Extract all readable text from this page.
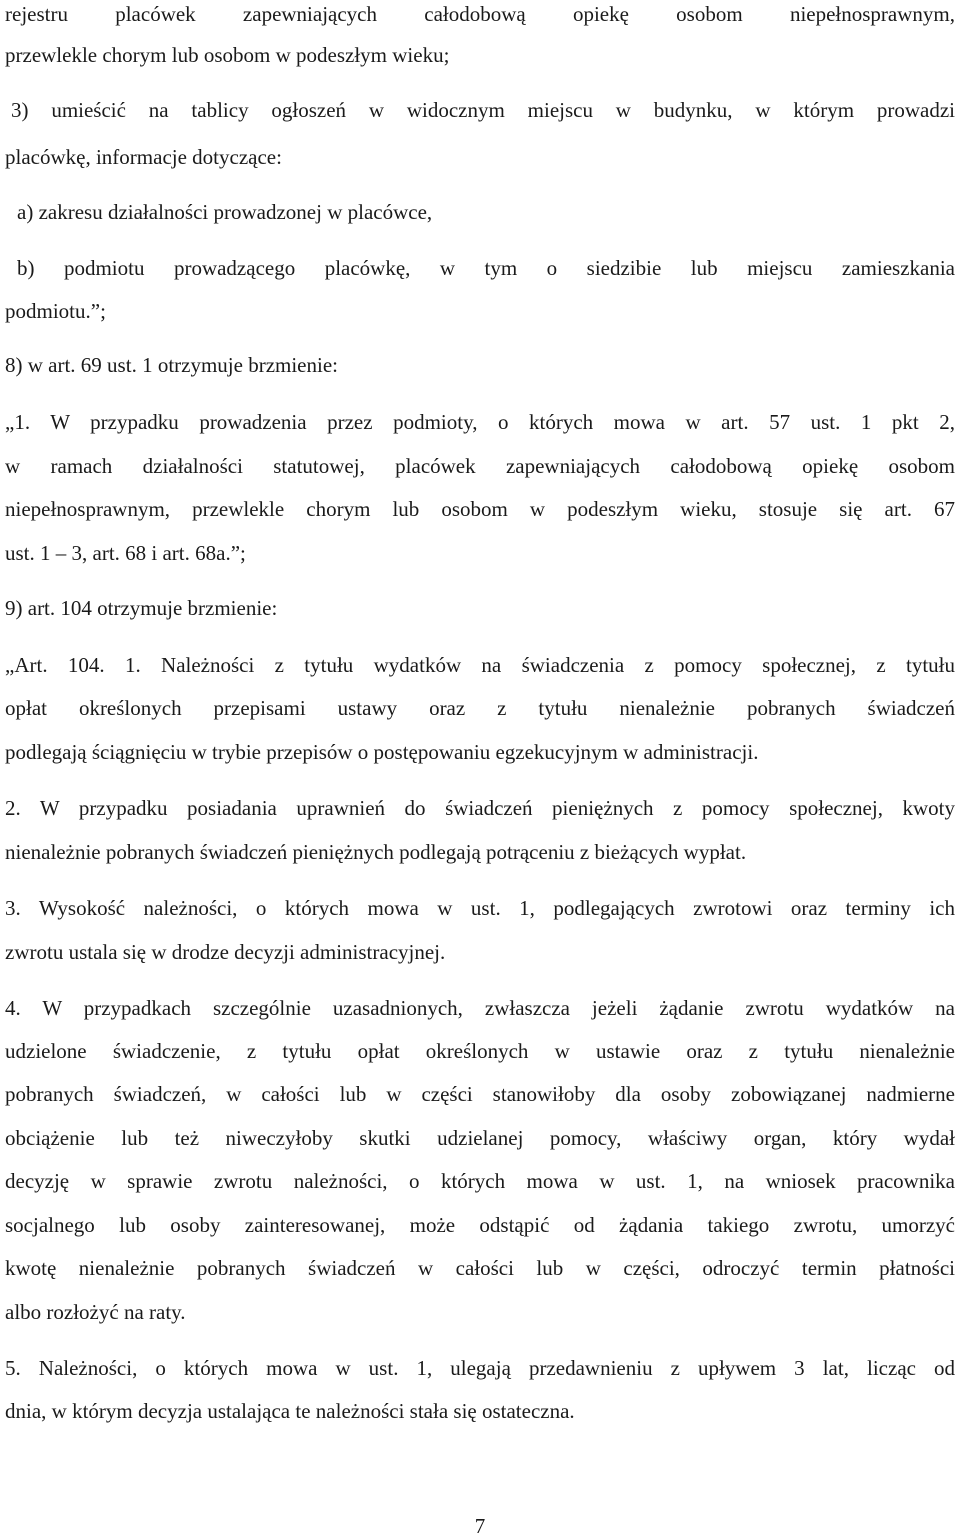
rejestru placówek zapewniających całodobową opiekę osobom niepełnosprawnym,
przewlekle chorym lub osobom w podeszłym wieku;
3) umieścić na tablicy ogłoszeń w widocznym miejscu w budynku, w którym prowadzi
placówkę, informacje dotyczące:
a) zakresu działalności prowadzonej w placówce,
b) podmiotu prowadzącego placówkę, w tym o siedzibie lub miejscu zamieszkania
podmiotu.”;
8) w art. 69 ust. 1 otrzymuje brzmienie:
„1. W przypadku prowadzenia przez podmioty, o których mowa w art. 57 ust. 1 pkt 2,
w ramach działalności statutowej, placówek zapewniających całodobową opiekę osobom
niepełnosprawnym, przewlekle chorym lub osobom w podeszłym wieku, stosuje się art. 67
ust. 1 – 3, art. 68 i art. 68a.”;
9) art. 104 otrzymuje brzmienie:
„Art. 104. 1. Należności z tytułu wydatków na świadczenia z pomocy społecznej, z tytułu
opłat określonych przepisami ustawy oraz z tytułu nienależnie pobranych świadczeń
podlegają ściągnięciu w trybie przepisów o postępowaniu egzekucyjnym w administracji.
2. W przypadku posiadania uprawnień do świadczeń pieniężnych z pomocy społecznej, kwoty
nienależnie pobranych świadczeń pieniężnych podlegają potrąceniu z bieżących wypłat.
3. Wysokość należności, o których mowa w ust. 1, podlegających zwrotowi oraz terminy ich
zwrotu ustala się w drodze decyzji administracyjnej.
4. W przypadkach szczególnie uzasadnionych, zwłaszcza jeżeli żądanie zwrotu wydatków na
udzielone świadczenie, z tytułu opłat określonych w ustawie oraz z tytułu nienależnie
pobranych świadczeń, w całości lub w części stanowiłoby dla osoby zobowiązanej nadmierne
obciążenie lub też niweczyłoby skutki udzielanej pomocy, właściwy organ, który wydał
decyzję w sprawie zwrotu należności, o których mowa w ust. 1, na wniosek pracownika
socjalnego lub osoby zainteresowanej, może odstąpić od żądania takiego zwrotu, umorzyć
kwotę nienależnie pobranych świadczeń w całości lub w części, odroczyć termin płatności
albo rozłożyć na raty.
5. Należności, o których mowa w ust. 1, ulegają przedawnieniu z upływem 3 lat, licząc od
dnia, w którym decyzja ustalająca te należności stała się ostateczna.
7
